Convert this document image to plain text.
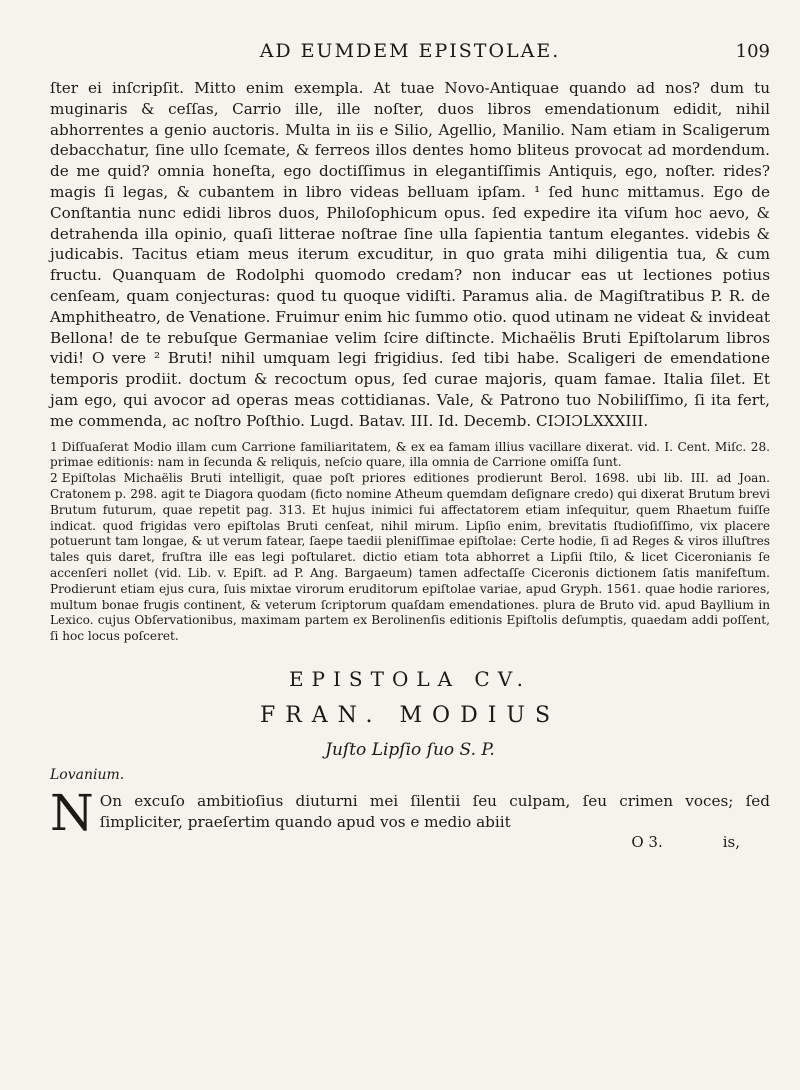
AD EUMDEM EPISTOLAE.	109

ſter ei inſcripſit. Mitto enim exempla. At tuae Novo-Antiquae quando ad nos? dum tu muginaris & ceſſas, Carrio ille, ille noſter, duos libros emendationum edidit, nihil abhorrentes a genio auctoris. Multa in iis e Silio, Agellio, Manilio. Nam etiam in Scaligerum debacchatur, ſine ullo ſcemate, & ferreos illos dentes homo bliteus provocat ad mordendum. de me quid? omnia honeſta, ego doctiſſimus in elegantiſſimis Antiquis, ego, noſter. rides? magis ſi legas, & cubantem in libro videas belluam ipſam. ¹ ſed hunc mittamus. Ego de Conſtantia nunc edidi libros duos, Philoſophicum opus. ſed expedire ita viſum hoc aevo, & detrahenda illa opinio, quaſi litterae noſtrae ſine ulla ſapientia tantum elegantes. videbis & judicabis. Tacitus etiam meus iterum excuditur, in quo grata mihi diligentia tua, & cum fructu. Quanquam de Rodolphi quomodo credam? non inducar eas ut lectiones potius cenſeam, quam conjecturas: quod tu quoque vidiſti. Paramus alia. de Magiſtratibus P. R. de Amphitheatro, de Venatione. Fruimur enim hic ſummo otio. quod utinam ne videat & invideat Bellona! de te rebuſque Germaniae velim ſcire diſtincte. Michaëlis Bruti Epiſtolarum libros vidi! O vere ² Bruti! nihil umquam legi frigidius. ſed tibi habe. Scaligeri de emendatione temporis prodiit. doctum & recoctum opus, ſed curae majoris, quam famae. Italia ſilet. Et jam ego, qui avocor ad operas meas cottidianas. Vale, & Patrono tuo Nobiliſſimo, ſi ita fert, me commenda, ac noſtro Poſthio. Lugd. Batav. III. Id. Decemb. CIƆIƆLXXXIII.

1 Diſſuaſerat Modio illam cum Carrione familiaritatem, & ex ea famam illius vacillare dixerat. vid. I. Cent. Miſc. 28. primae editionis: nam in ſecunda & reliquis, neſcio quare, illa omnia de Carrione omiſſa ſunt.

2 Epiſtolas Michaëlis Bruti intelligit, quae poſt priores editiones prodierunt Berol. 1698. ubi lib. III. ad Joan. Cratonem p. 298. agit te Diagora quodam (ficto nomine Atheum quemdam deſignare credo) qui dixerat Brutum brevi Brutum futurum, quae repetit pag. 313. Et hujus inimici fui affectatorem etiam inſequitur, quem Rhaetum fuiſſe indicat. quod frigidas vero epiſtolas Bruti cenſeat, nihil mirum. Lipſio enim, brevitatis ſtudioſiſſimo, vix placere potuerunt tam longae, & ut verum fatear, ſaepe taedii pleniſſimae epiſtolae: Certe hodie, ſi ad Reges & viros illuſtres tales quis daret, fruſtra ille eas legi poſtularet. dictio etiam tota abhorret a Lipſii ſtilo, & licet Ciceronianis ſe accenſeri nollet (vid. Lib. v. Epiſt. ad P. Ang. Bargaeum) tamen adfectaſſe Ciceronis dictionem ſatis manifeſtum. Prodierunt etiam ejus cura, ſuis mixtae virorum eruditorum epiſtolae variae, apud Gryph. 1561. quae hodie rariores, multum bonae frugis continent, & veterum ſcriptorum quaſdam emendationes. plura de Bruto vid. apud Bayllium in Lexico. cujus Obſervationibus, maximam partem ex Berolinenſis editionis Epiſtolis deſumptis, quaedam addi poſſent, ſi hoc locus poſceret.

EPISTOLA CV.

FRAN. MODIUS

Juſto Lipſio ſuo S. P.

Lovanium.

N On excuſo ambitioſius diuturni mei ſilentii ſeu culpam, ſeu crimen voces; ſed ſimpliciter, praeſertim quando apud vos e medio abiit

O 3.	is,
